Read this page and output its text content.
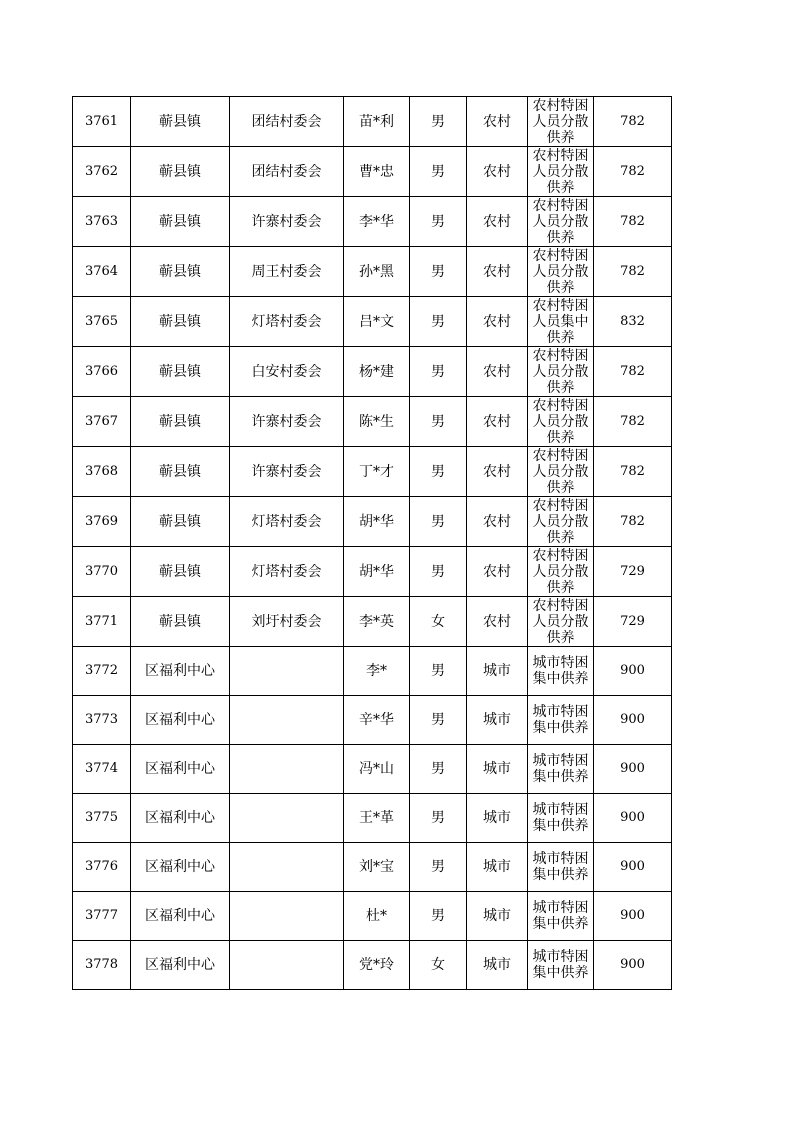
3761	蕲县镇	团结村委会	苗*利	男	农村	农村特困人员分散供养	782
3762	蕲县镇	团结村委会	曹*忠	男	农村	农村特困人员分散供养	782
3763	蕲县镇	许寨村委会	李*华	男	农村	农村特困人员分散供养	782
3764	蕲县镇	周王村委会	孙*黑	男	农村	农村特困人员分散供养	782
3765	蕲县镇	灯塔村委会	吕*文	男	农村	农村特困人员集中供养	832
3766	蕲县镇	白安村委会	杨*建	男	农村	农村特困人员分散供养	782
3767	蕲县镇	许寨村委会	陈*生	男	农村	农村特困人员分散供养	782
3768	蕲县镇	许寨村委会	丁*才	男	农村	农村特困人员分散供养	782
3769	蕲县镇	灯塔村委会	胡*华	男	农村	农村特困人员分散供养	782
3770	蕲县镇	灯塔村委会	胡*华	男	农村	农村特困人员分散供养	729
3771	蕲县镇	刘圩村委会	李*英	女	农村	农村特困人员分散供养	729
3772	区福利中心		李*	男	城市	城市特困集中供养	900
3773	区福利中心		辛*华	男	城市	城市特困集中供养	900
3774	区福利中心		冯*山	男	城市	城市特困集中供养	900
3775	区福利中心		王*革	男	城市	城市特困集中供养	900
3776	区福利中心		刘*宝	男	城市	城市特困集中供养	900
3777	区福利中心		杜*	男	城市	城市特困集中供养	900
3778	区福利中心		党*玲	女	城市	城市特困集中供养	900
